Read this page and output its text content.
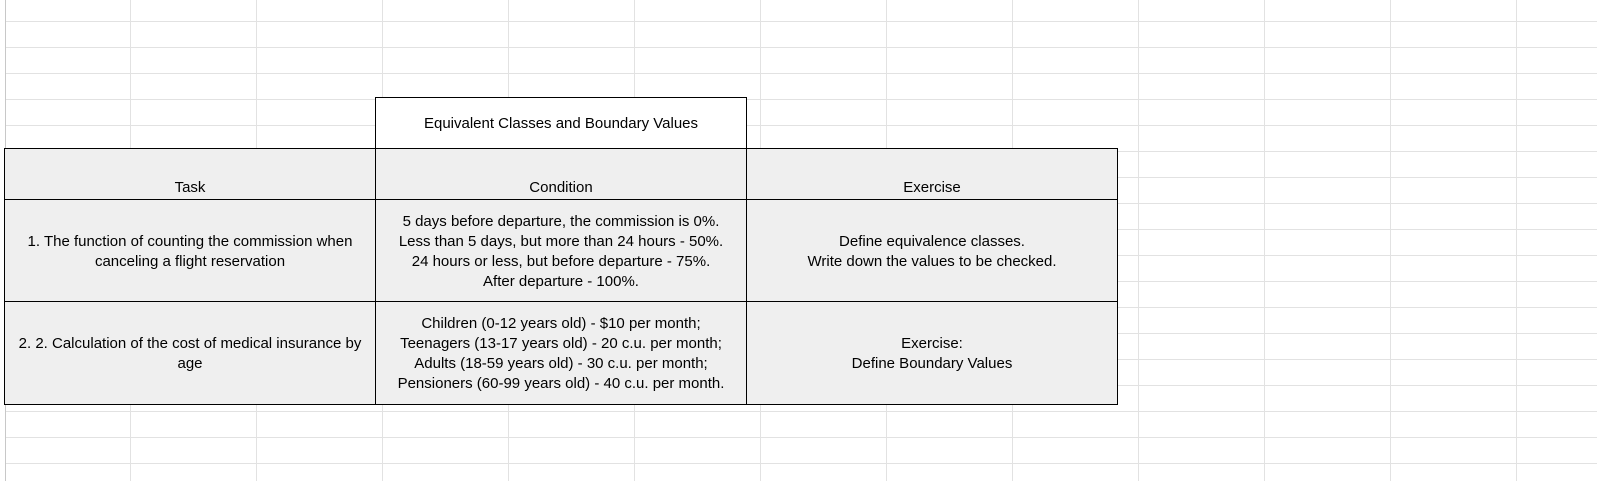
Equivalent Classes and Boundary Values
Task	Condition	Exercise
1. The function of counting the commission when canceling a flight reservation
5 days before departure, the commission is 0%.
Less than 5 days, but more than 24 hours - 50%.
24 hours or less, but before departure - 75%.
After departure - 100%.
Define equivalence classes.
Write down the values to be checked.
2. 2. Calculation of the cost of medical insurance by age
Children (0-12 years old) - $10 per month;
Teenagers (13-17 years old) - 20 c.u. per month;
Adults (18-59 years old) - 30 c.u. per month;
Pensioners (60-99 years old) - 40 c.u. per month.
Exercise:
Define Boundary Values
